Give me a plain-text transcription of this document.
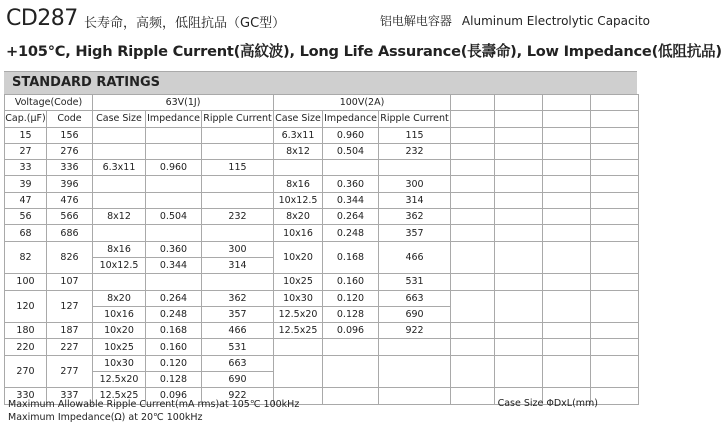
CD287 长寿命，高频，低阻抗品（GC型）	铝电解电容器 Aluminum Electrolytic Capacito
+105°C, High Ripple Current(高紋波), Long Life Assurance(長壽命), Low Impedance(低阻抗品)
STANDARD RATINGS
Voltage(Code)		63V(1J)			100V(2A)						
Cap.(µF)	Code	Case Size	Impedance	Ripple Current	Case Size	Impedance	Ripple Current				
15	156				6.3x11	0.960	115				
27	276				8x12	0.504	232				
33	336	6.3x11	0.960	115							
39	396				8x16	0.360	300				
47	476				10x12.5	0.344	314				
56	566	8x12	0.504	232	8x20	0.264	362				
68	686				10x16	0.248	357				
82	826	8x16	0.360	300	10x20	0.168	466				
		10x12.5	0.344	314							
100	107				10x25	0.160	531				
120	127	8x20	0.264	362	10x30	0.120	663				
		10x16	0.248	357	12.5x20	0.128	690				
180	187	10x20	0.168	466	12.5x25	0.096	922				
220	227	10x25	0.160	531							
270	277	10x30	0.120	663							
		12.5x20	0.128	690							
330	337	12.5x25	0.096	922							
Maximum Allowable Ripple Current(mA rms)at 105℃ 100kHz
Maximum Impedance(Ω) at 20℃ 100kHz
Case Size ΦDxL(mm)
